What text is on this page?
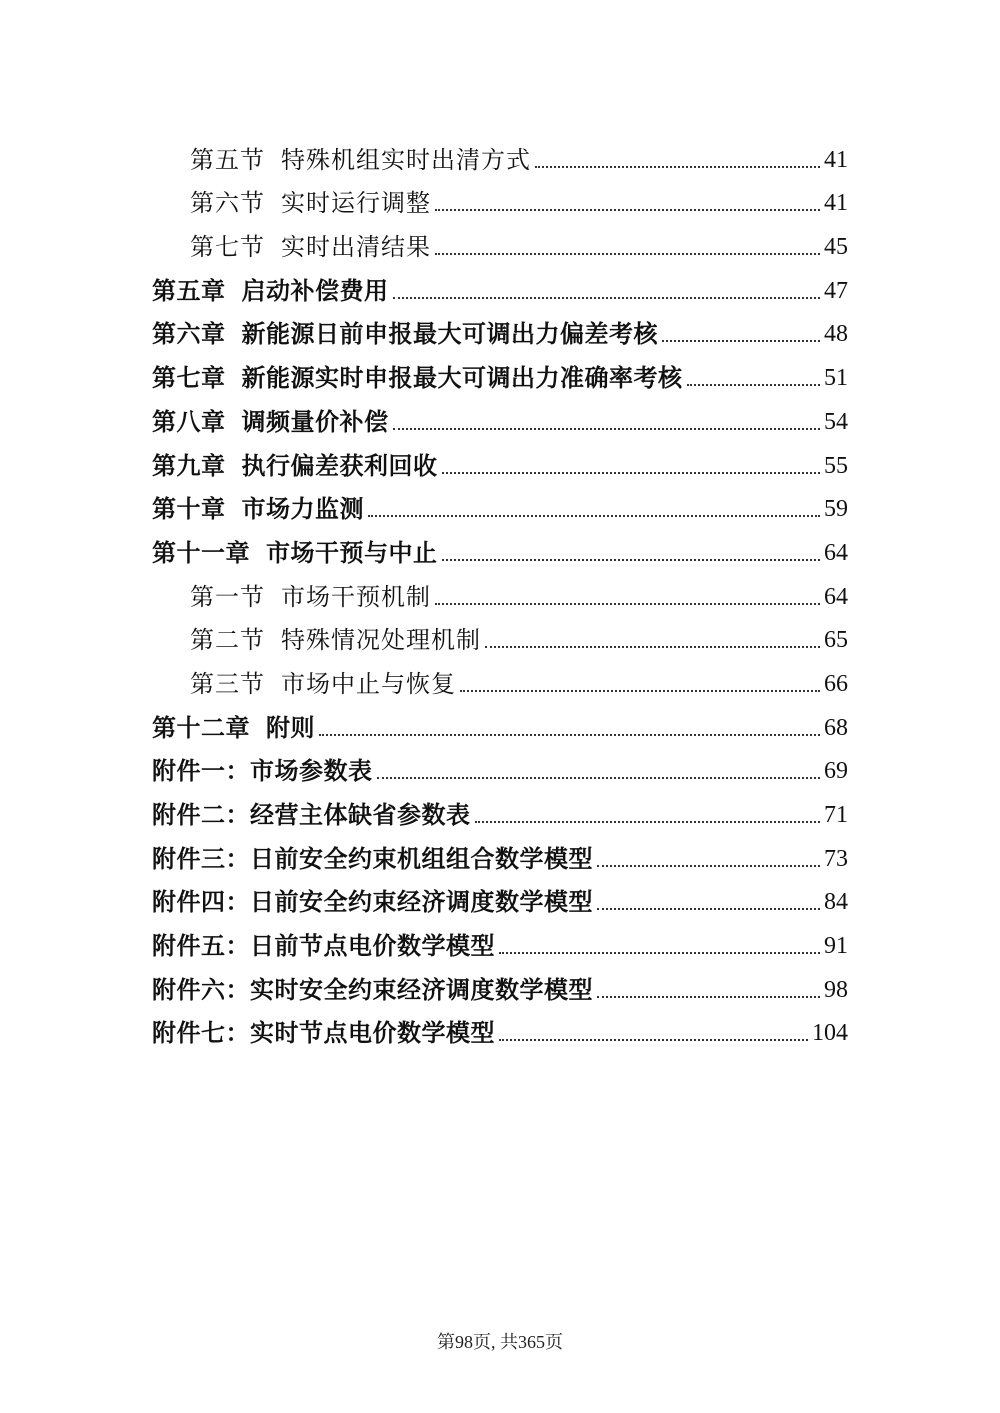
第五节 特殊机组实时出清方式	41
第六节 实时运行调整	41
第七节 实时出清结果	45
第五章 启动补偿费用	47
第六章 新能源日前申报最大可调出力偏差考核	48
第七章 新能源实时申报最大可调出力准确率考核	51
第八章 调频量价补偿	54
第九章 执行偏差获利回收	55
第十章 市场力监测	59
第十一章 市场干预与中止	64
第一节 市场干预机制	64
第二节 特殊情况处理机制	65
第三节 市场中止与恢复	66
第十二章 附则	68
附件一： 市场参数表	69
附件二： 经营主体缺省参数表	71
附件三： 日前安全约束机组组合数学模型	73
附件四： 日前安全约束经济调度数学模型	84
附件五： 日前节点电价数学模型	91
附件六： 实时安全约束经济调度数学模型	98
附件七： 实时节点电价数学模型	104
第98页, 共365页
